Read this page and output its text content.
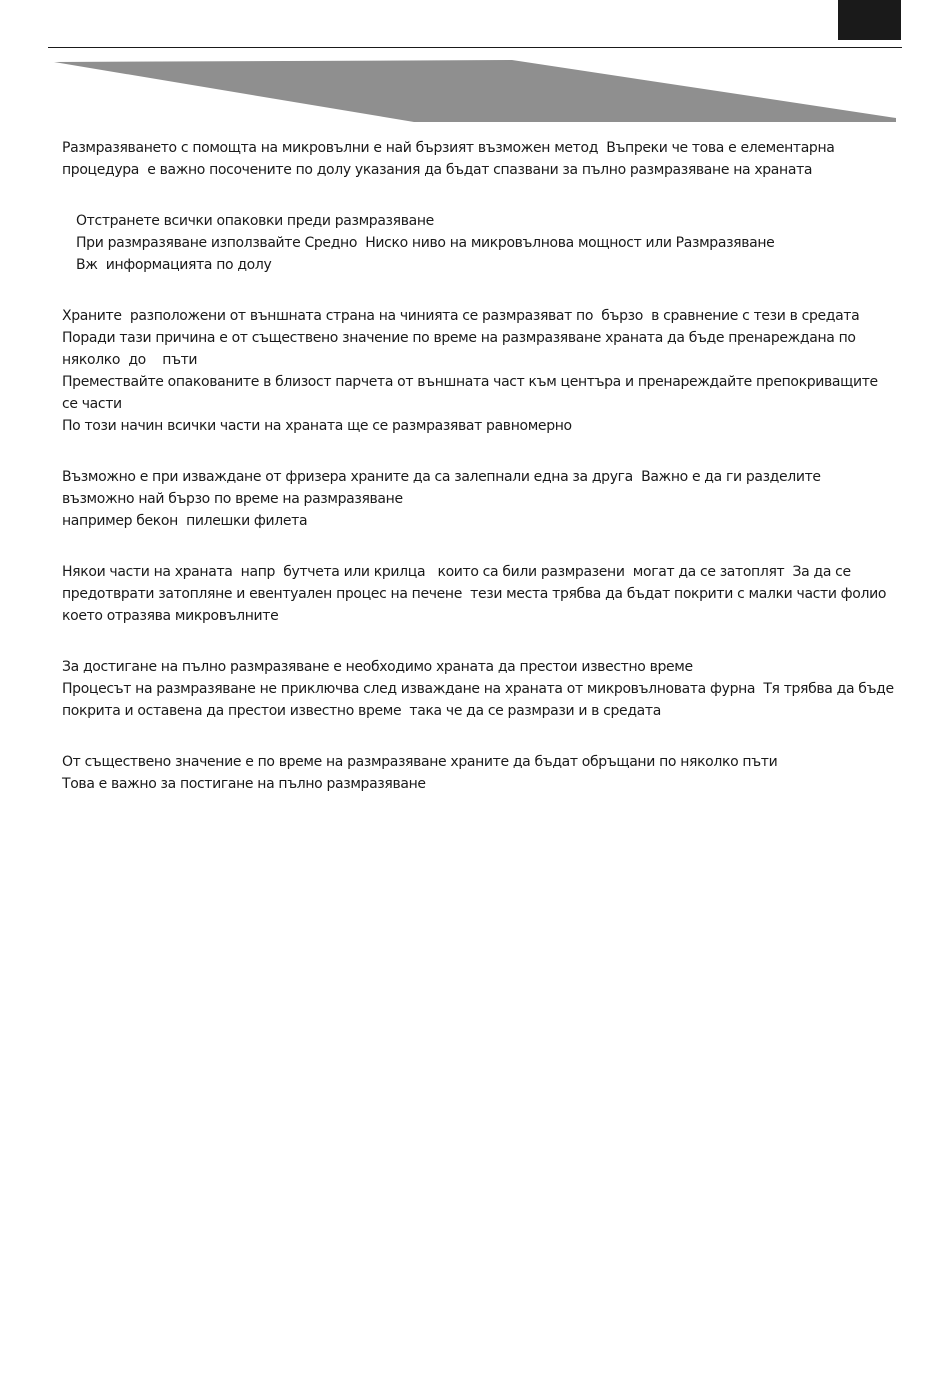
Размразяването с помощта на микровълни е най бързият възможен метод  Въпреки че това е елементарна процедура  е важно посочените по долу указания да бъдат спазвани за пълно размразяване на храната

Отстранете всички опаковки преди размразяване

При размразяване използвайте Средно  Ниско ниво на микровълнова мощност или Размразяване

Вж  информацията по долу

Храните  разположени от външната страна на чинията се размразяват по  бързо  в сравнение с тези в средата  Поради тази причина е от съществено значение по време на размразяване храната да бъде пренареждана по няколко  до    пъти
Премествайте опакованите в близост парчета от външната част към центъра и пренареждайте препокриващите се части
По този начин всички части на храната ще се размразяват равномерно

Възможно е при изваждане от фризера храните да са залепнали една за друга  Важно е да ги разделите възможно най бързо по време на размразяване
например бекон  пилешки филета

Някои части на храната  напр  бутчета или крилца   които са били размразени  могат да се затоплят  За да се предотврати затопляне и евентуален процес на печене  тези места трябва да бъдат покрити с малки части фолио  което отразява микровълните

За достигане на пълно размразяване е необходимо храната да престои известно време
Процесът на размразяване не приключва след изваждане на храната от микровълновата фурна  Тя трябва да бъде покрита и оставена да престои известно време  така че да се размрази и в средата

От съществено значение е по време на размразяване храните да бъдат обръщани по няколко пъти
Това е важно за постигане на пълно размразяване
